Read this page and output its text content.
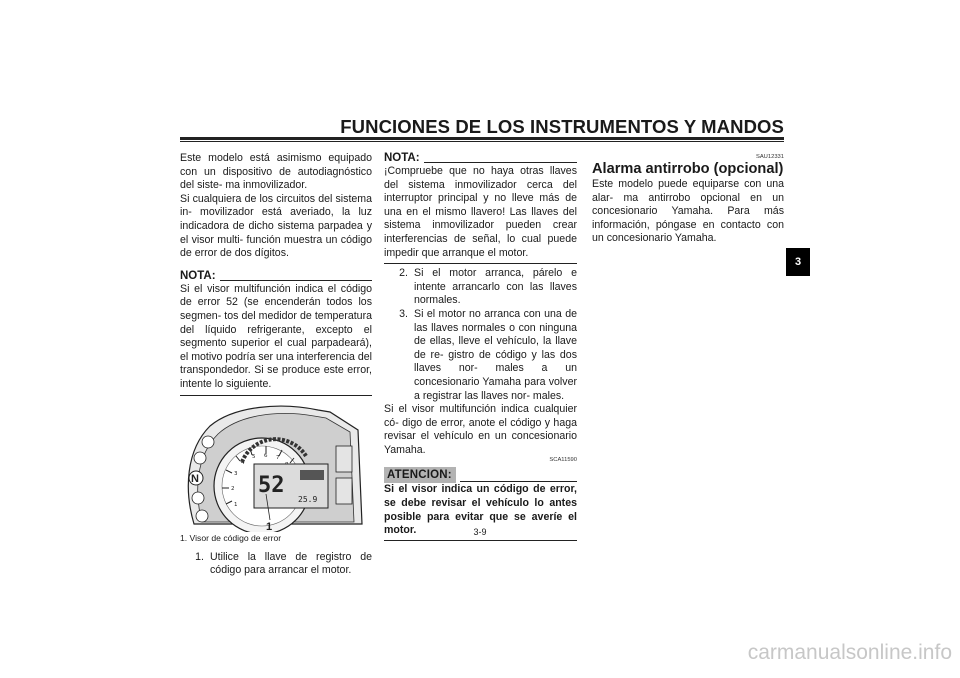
FUNCIONES DE LOS INSTRUMENTOS Y MANDOS

Este modelo está asimismo equipado con un dispositivo de autodiagnóstico del siste- ma inmovilizador.

Si cualquiera de los circuitos del sistema in- movilizador está averiado, la luz indicadora de dicho sistema parpadea y el visor multi- función muestra un código de error de dos dígitos.

NOTA:

Si el visor multifunción indica el código de error 52 (se encenderán todos los segmen- tos del medidor de temperatura del líquido refrigerante, excepto el segmento superior el cual parpadeará), el motivo podría ser una interferencia del transpondedor. Si se produce este error, intente lo siguiente.

1
2
3
4
5 6 7
52
25.9
N
1
1. Visor de código de error
1. Utilice la llave de registro de código para arrancar el motor.
NOTA:

¡Compruebe que no haya otras llaves del sistema inmovilizador cerca del interruptor principal y no lleve más de una en el mismo llavero! Las llaves del sistema inmovilizador pueden crear interferencias de señal, lo cual puede impedir que arranque el motor.

2. Si el motor arranca, párelo e intente arrancarlo con las llaves normales.
3. Si el motor no arranca con una de las llaves normales o con ninguna de ellas, lleve el vehículo, la llave de re- gistro de código y las dos llaves nor- males a un concesionario Yamaha para volver a registrar las llaves nor- males.

Si el visor multifunción indica cualquier có- digo de error, anote el código y haga revisar el vehículo en un concesionario Yamaha.

SCA11590
ATENCION:

Si el visor indica un código de error, se debe revisar el vehículo lo antes posible para evitar que se averíe el motor.

SAU12331

Alarma antirrobo (opcional)

Este modelo puede equiparse con una alar- ma antirrobo opcional en un concesionario Yamaha. Para más información, póngase en contacto con un concesionario Yamaha.

3
3-9
carmanualsonline.info
